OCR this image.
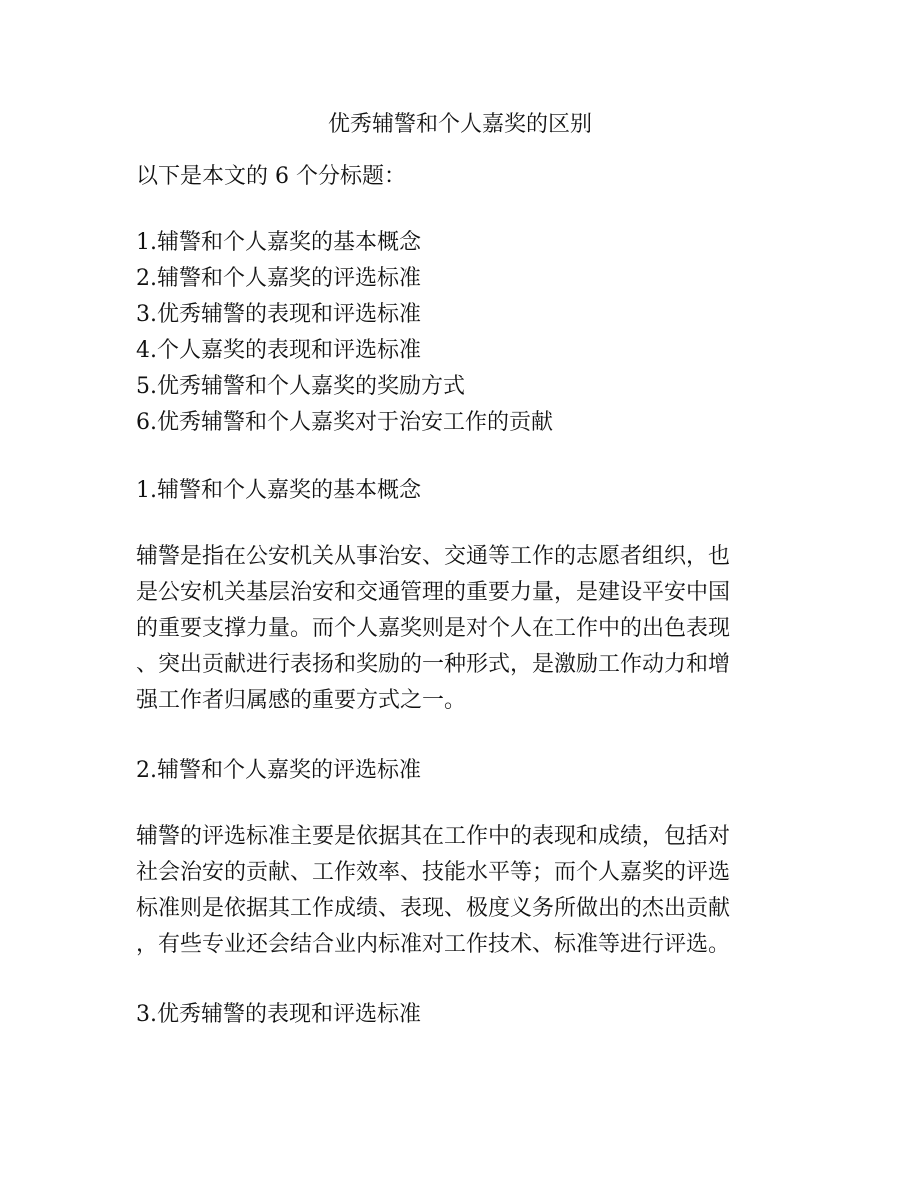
优秀辅警和个人嘉奖的区别
以下是本文的 6 个分标题：
1.辅警和个人嘉奖的基本概念
2.辅警和个人嘉奖的评选标准
3.优秀辅警的表现和评选标准
4.个人嘉奖的表现和评选标准
5.优秀辅警和个人嘉奖的奖励方式
6.优秀辅警和个人嘉奖对于治安工作的贡献
1.辅警和个人嘉奖的基本概念
辅警是指在公安机关从事治安、交通等工作的志愿者组织，也
是公安机关基层治安和交通管理的重要力量，是建设平安中国
的重要支撑力量。而个人嘉奖则是对个人在工作中的出色表现
、突出贡献进行表扬和奖励的一种形式，是激励工作动力和增
强工作者归属感的重要方式之一。
2.辅警和个人嘉奖的评选标准
辅警的评选标准主要是依据其在工作中的表现和成绩，包括对
社会治安的贡献、工作效率、技能水平等；而个人嘉奖的评选
标准则是依据其工作成绩、表现、极度义务所做出的杰出贡献
，有些专业还会结合业内标准对工作技术、标准等进行评选。
3.优秀辅警的表现和评选标准
